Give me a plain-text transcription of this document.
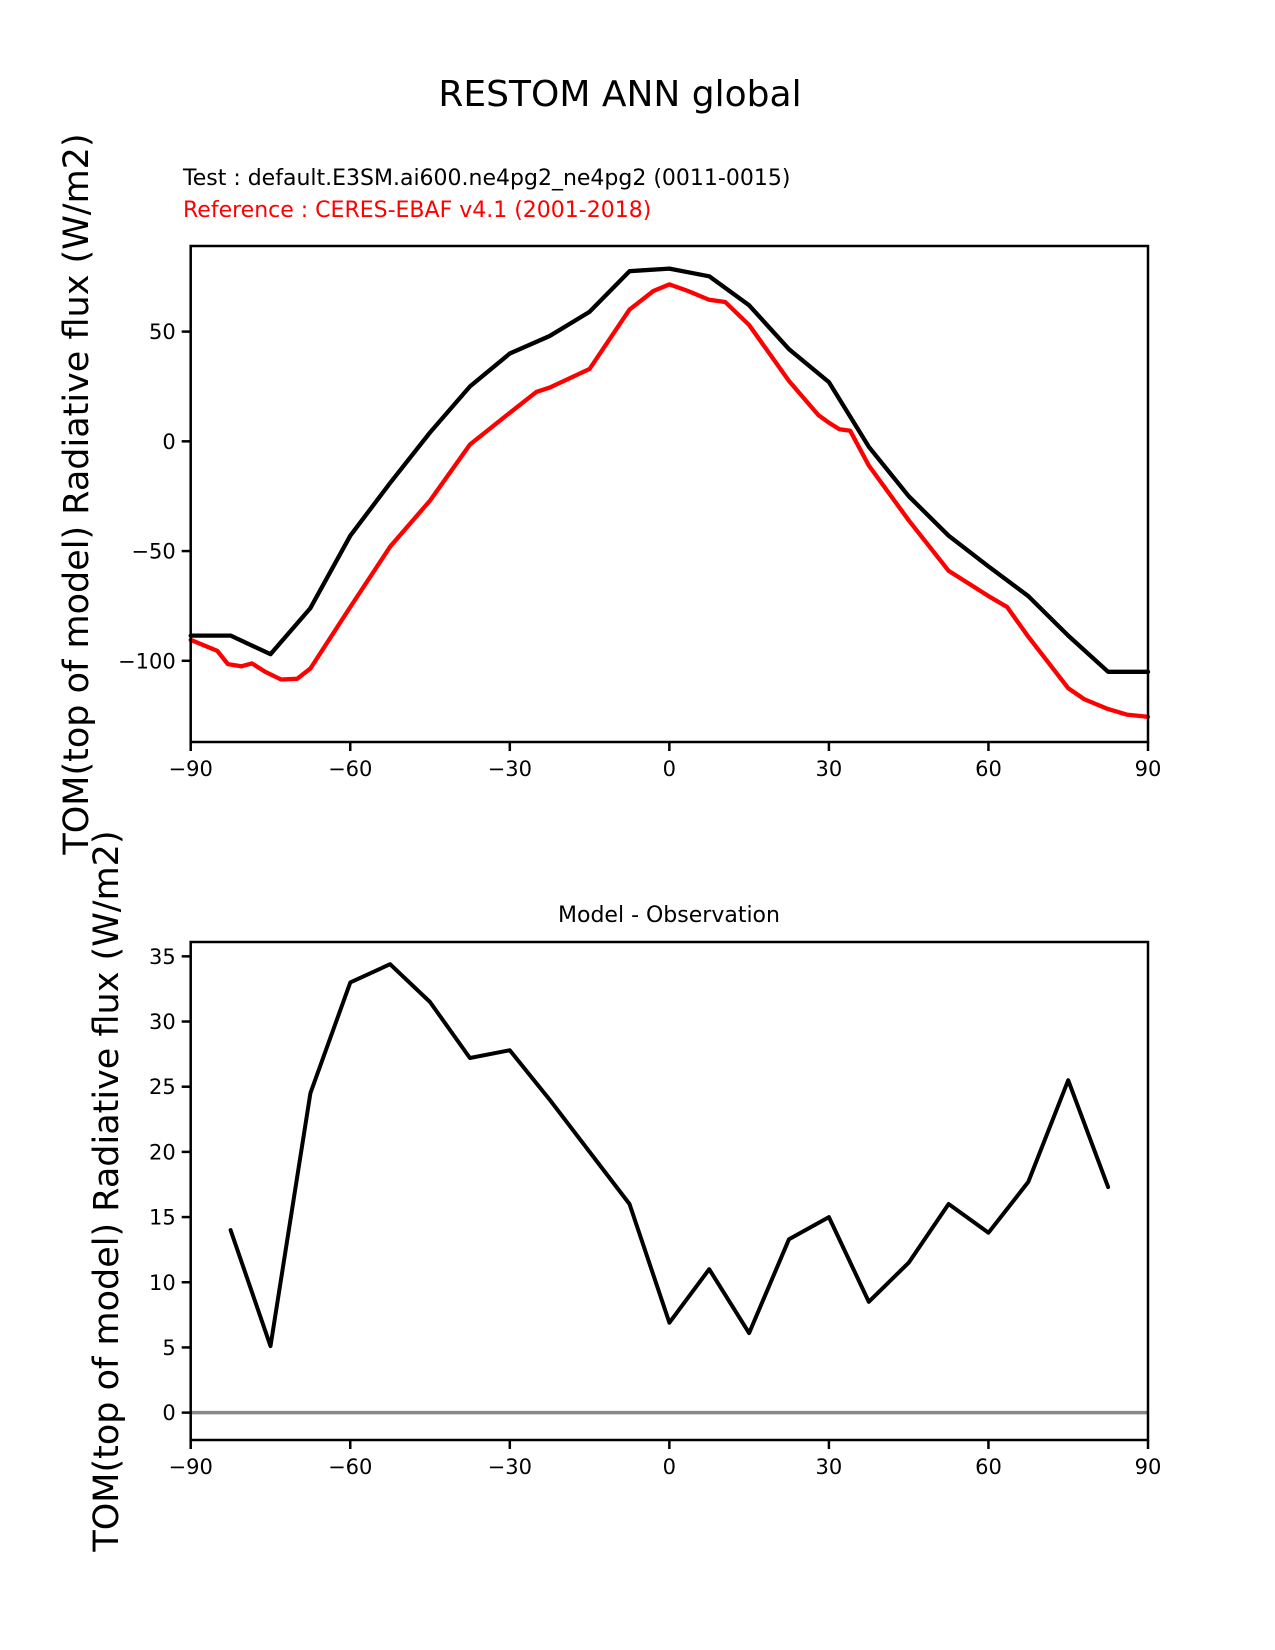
RESTOM ANN global
Test : default.E3SM.ai600.ne4pg2_ne4pg2 (0011-0015)
Reference : CERES-EBAF v4.1 (2001-2018)
TOM(top of model) Radiative flux (W/m2)
TOM(top of model) Radiative flux (W/m2)	Model - Observation
−90	−60	−30	0	30	60	90
50
0
−50
−100
−90	−60	−30	0	30	60	90
0
5
10
15
20
25
30
35
